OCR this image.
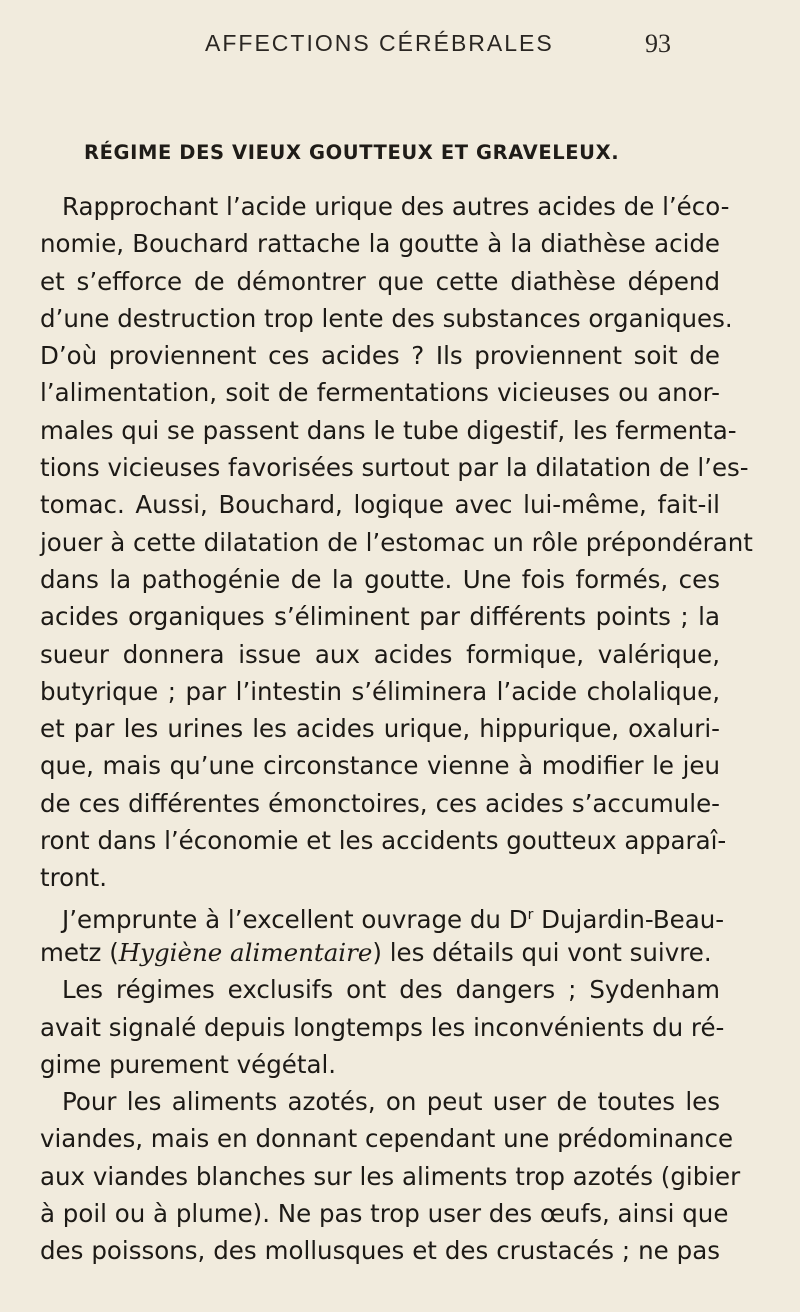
AFFECTIONS CÉRÉBRALES	93
RÉGIME DES VIEUX GOUTTEUX ET GRAVELEUX.
Rapprochant l’acide urique des autres acides de l’éco-
nomie, Bouchard rattache la goutte à la diathèse acide
et s’efforce de démontrer que cette diathèse dépend
d’une destruction trop lente des substances organiques.
D’où proviennent ces acides ? Ils proviennent soit de
l’alimentation, soit de fermentations vicieuses ou anor-
males qui se passent dans le tube digestif, les fermenta-
tions vicieuses favorisées surtout par la dilatation de l’es-
tomac. Aussi, Bouchard, logique avec lui-même, fait-il
jouer à cette dilatation de l’estomac un rôle prépondérant
dans la pathogénie de la goutte. Une fois formés, ces
acides organiques s’éliminent par différents points ; la
sueur donnera issue aux acides formique, valérique,
butyrique ; par l’intestin s’éliminera l’acide cholalique,
et par les urines les acides urique, hippurique, oxaluri-
que, mais qu’une circonstance vienne à modifier le jeu
de ces différentes émonctoires, ces acides s’accumule-
ront dans l’économie et les accidents goutteux apparaî-
tront.
J’emprunte à l’excellent ouvrage du $D^r$ Dujardin-Beau-
metz (Hygiène alimentaire) les détails qui vont suivre.
Les régimes exclusifs ont des dangers ; Sydenham
avait signalé depuis longtemps les inconvénients du ré-
gime purement végétal.
Pour les aliments azotés, on peut user de toutes les
viandes, mais en donnant cependant une prédominance
aux viandes blanches sur les aliments trop azotés (gibier
à poil ou à plume). Ne pas trop user des œufs, ainsi que
des poissons, des mollusques et des crustacés ; ne pas
